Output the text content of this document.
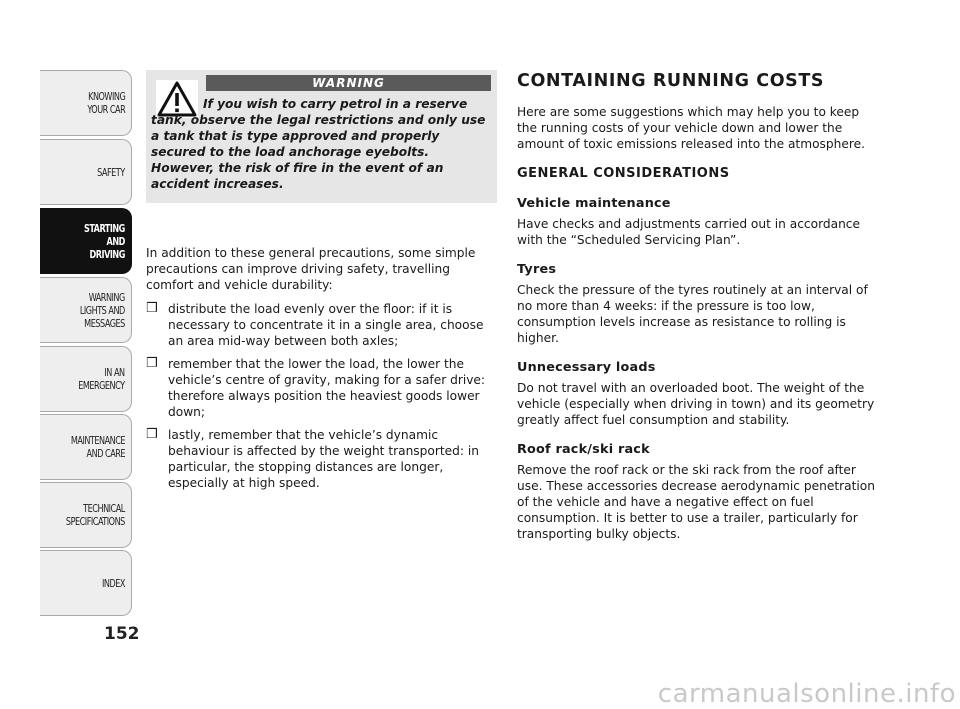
KNOWING
YOUR CAR
SAFETY
STARTING
AND
DRIVING
WARNING
LIGHTS AND
MESSAGES
IN AN
EMERGENCY
MAINTENANCE
AND CARE
TECHNICAL
SPECIFICATIONS
INDEX
152
WARNING
If you wish to carry petrol in a reserve tank, observe the legal restrictions and only use a tank that is type approved and properly secured to the load anchorage eyebolts. However, the risk of fire in the event of an accident increases.

In addition to these general precautions, some simple precautions can improve driving safety, travelling comfort and vehicle durability:

❒ distribute the load evenly over the floor: if it is necessary to concentrate it in a single area, choose an area mid-way between both axles;
❒ remember that the lower the load, the lower the vehicle’s centre of gravity, making for a safer drive: therefore always position the heaviest goods lower down;
❒ lastly, remember that the vehicle’s dynamic behaviour is affected by the weight transported: in particular, the stopping distances are longer, especially at high speed.
CONTAINING RUNNING COSTS

Here are some suggestions which may help you to keep the running costs of your vehicle down and lower the amount of toxic emissions released into the atmosphere.

GENERAL CONSIDERATIONS
Vehicle maintenance

Have checks and adjustments carried out in accordance with the “Scheduled Servicing Plan”.

Tyres

Check the pressure of the tyres routinely at an interval of no more than 4 weeks: if the pressure is too low, consumption levels increase as resistance to rolling is higher.

Unnecessary loads

Do not travel with an overloaded boot. The weight of the vehicle (especially when driving in town) and its geometry greatly affect fuel consumption and stability.

Roof rack/ski rack

Remove the roof rack or the ski rack from the roof after use. These accessories decrease aerodynamic penetration of the vehicle and have a negative effect on fuel consumption. It is better to use a trailer, particularly for transporting bulky objects.

carmanualsonline.info
